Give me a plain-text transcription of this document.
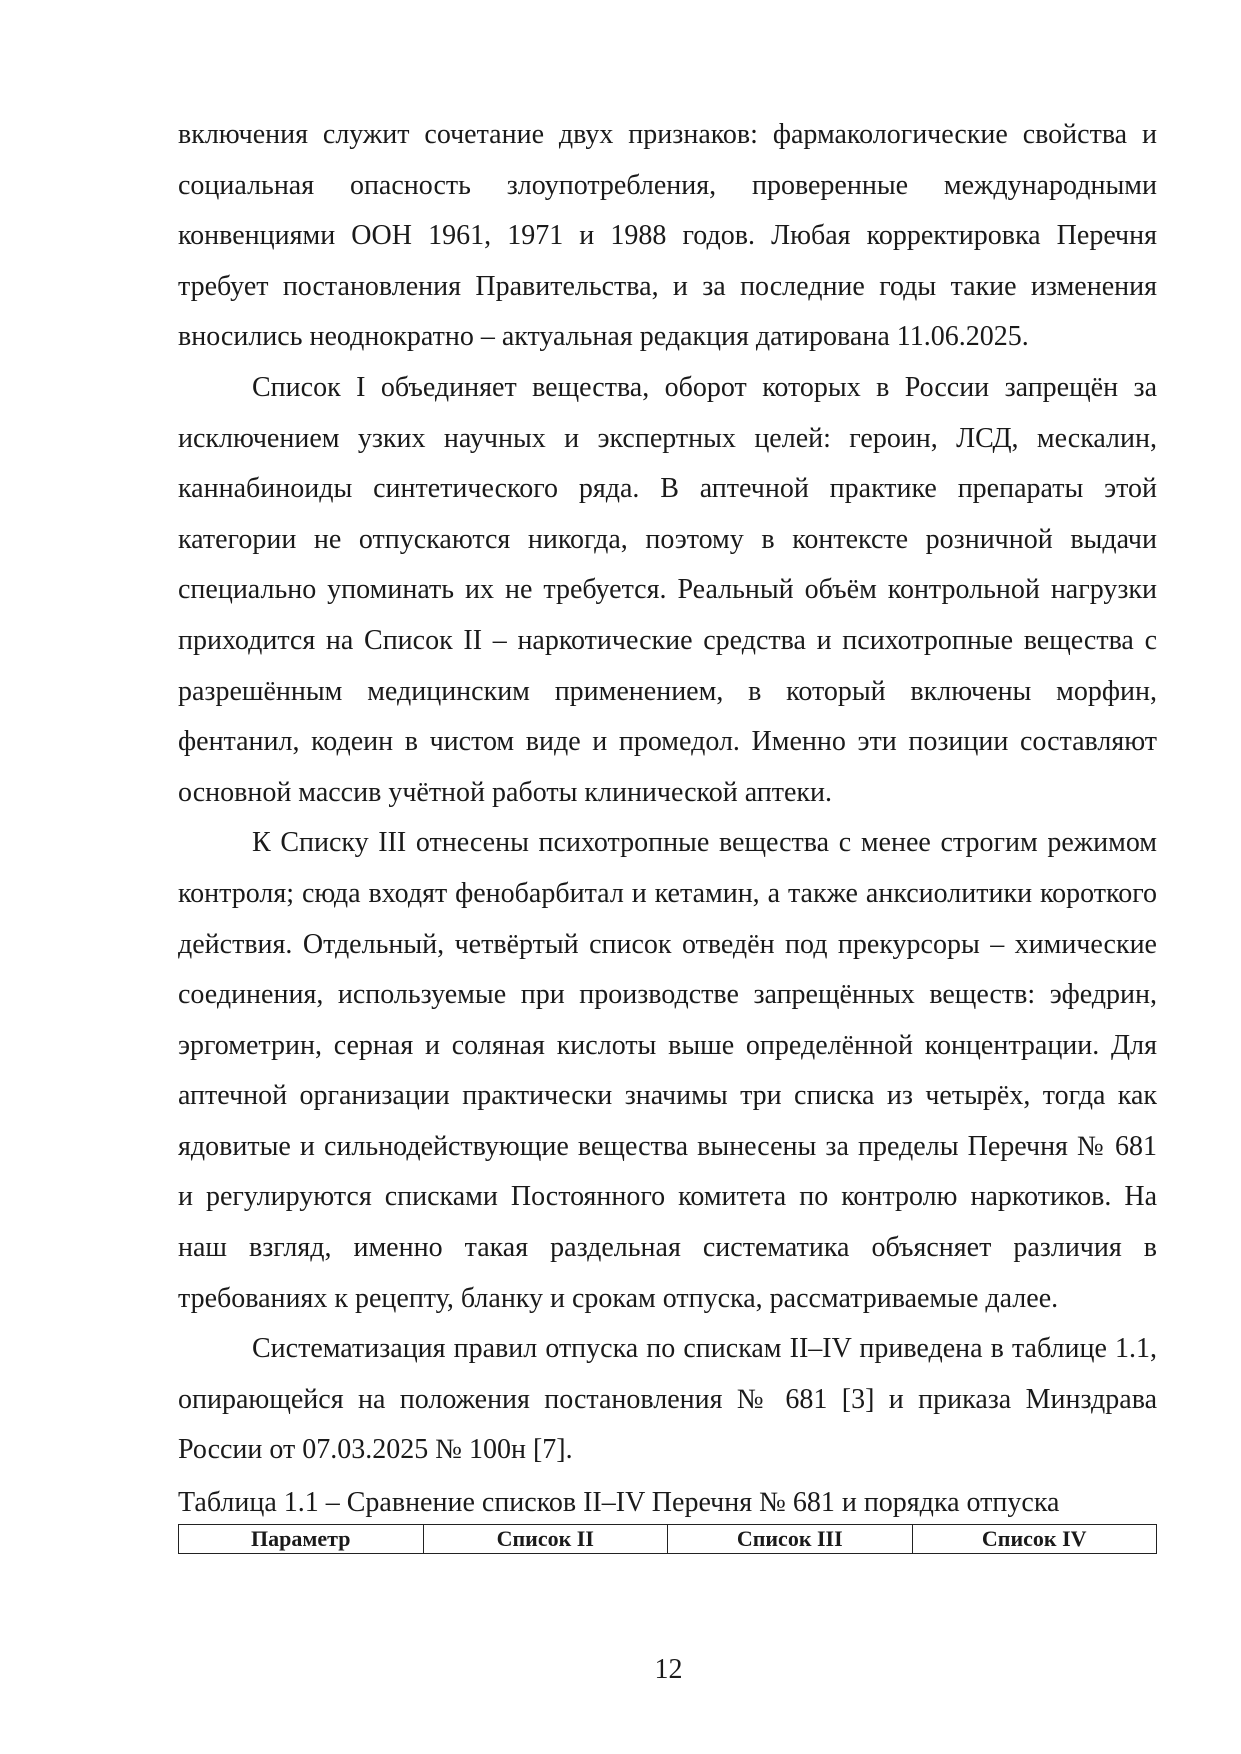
включения служит сочетание двух признаков: фармакологические свойства и социальная опасность злоупотребления, проверенные международными конвенциями ООН 1961, 1971 и 1988 годов. Любая корректировка Перечня требует постановления Правительства, и за последние годы такие изменения вносились неоднократно – актуальная редакция датирована 11.06.2025.

Список I объединяет вещества, оборот которых в России запрещён за исключением узких научных и экспертных целей: героин, ЛСД, мескалин, каннабиноиды синтетического ряда. В аптечной практике препараты этой категории не отпускаются никогда, поэтому в контексте розничной выдачи специально упоминать их не требуется. Реальный объём контрольной нагрузки приходится на Список II – наркотические средства и психотропные вещества с разрешённым медицинским применением, в который включены морфин, фентанил, кодеин в чистом виде и промедол. Именно эти позиции составляют основной массив учётной работы клинической аптеки.

К Списку III отнесены психотропные вещества с менее строгим режимом контроля; сюда входят фенобарбитал и кетамин, а также анксиолитики короткого действия. Отдельный, четвёртый список отведён под прекурсоры – химические соединения, используемые при производстве запрещённых веществ: эфедрин, эргометрин, серная и соляная кислоты выше определённой концентрации. Для аптечной организации практически значимы три списка из четырёх, тогда как ядовитые и сильнодействующие вещества вынесены за пределы Перечня № 681 и регулируются списками Постоянного комитета по контролю наркотиков. На наш взгляд, именно такая раздельная систематика объясняет различия в требованиях к рецепту, бланку и срокам отпуска, рассматриваемые далее.

Систематизация правил отпуска по спискам II–IV приведена в таблице 1.1, опирающейся на положения постановления № 681 [3] и приказа Минздрава России от 07.03.2025 № 100н [7].

Таблица 1.1 – Сравнение списков II–IV Перечня № 681 и порядка отпуска
Параметр	Список II	Список III	Список IV
12
